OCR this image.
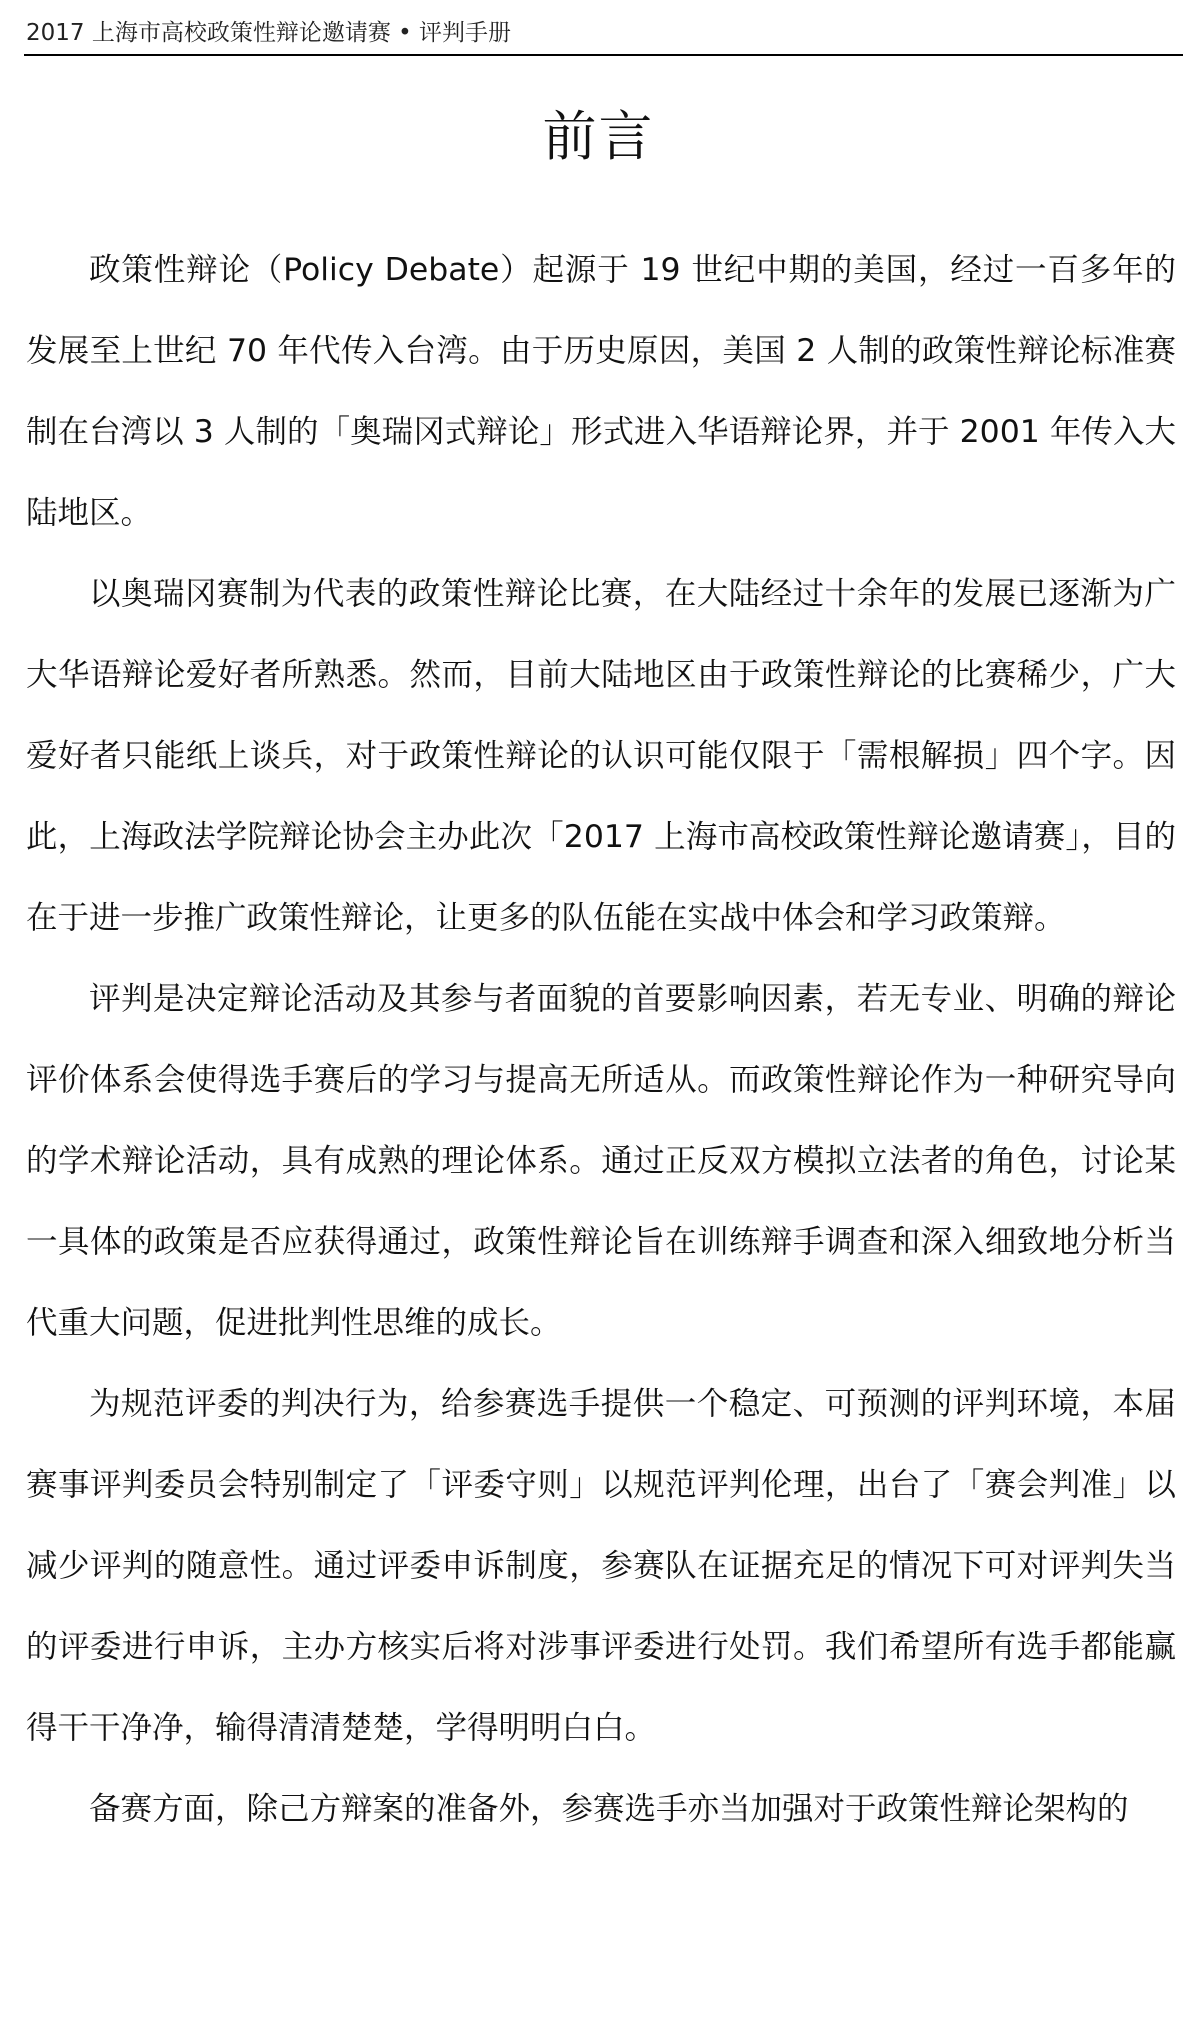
2017 上海市高校政策性辩论邀请赛 • 评判手册
前言

政策性辩论（Policy Debate）起源于 19 世纪中期的美国，经过一百多年的发展至上世纪 70 年代传入台湾。由于历史原因，美国 2 人制的政策性辩论标准赛制在台湾以 3 人制的「奥瑞冈式辩论」形式进入华语辩论界，并于 2001 年传入大陆地区。

以奥瑞冈赛制为代表的政策性辩论比赛，在大陆经过十余年的发展已逐渐为广大华语辩论爱好者所熟悉。然而，目前大陆地区由于政策性辩论的比赛稀少，广大爱好者只能纸上谈兵，对于政策性辩论的认识可能仅限于「需根解损」四个字。因此，上海政法学院辩论协会主办此次「2017 上海市高校政策性辩论邀请赛」，目的在于进一步推广政策性辩论，让更多的队伍能在实战中体会和学习政策辩。

评判是决定辩论活动及其参与者面貌的首要影响因素，若无专业、明确的辩论评价体系会使得选手赛后的学习与提高无所适从。而政策性辩论作为一种研究导向的学术辩论活动，具有成熟的理论体系。通过正反双方模拟立法者的角色，讨论某一具体的政策是否应获得通过，政策性辩论旨在训练辩手调查和深入细致地分析当代重大问题，促进批判性思维的成长。

为规范评委的判决行为，给参赛选手提供一个稳定、可预测的评判环境，本届赛事评判委员会特别制定了「评委守则」以规范评判伦理，出台了「赛会判准」以减少评判的随意性。通过评委申诉制度，参赛队在证据充足的情况下可对评判失当的评委进行申诉，主办方核实后将对涉事评委进行处罚。我们希望所有选手都能赢得干干净净，输得清清楚楚，学得明明白白。

备赛方面，除己方辩案的准备外，参赛选手亦当加强对于政策性辩论架构的
